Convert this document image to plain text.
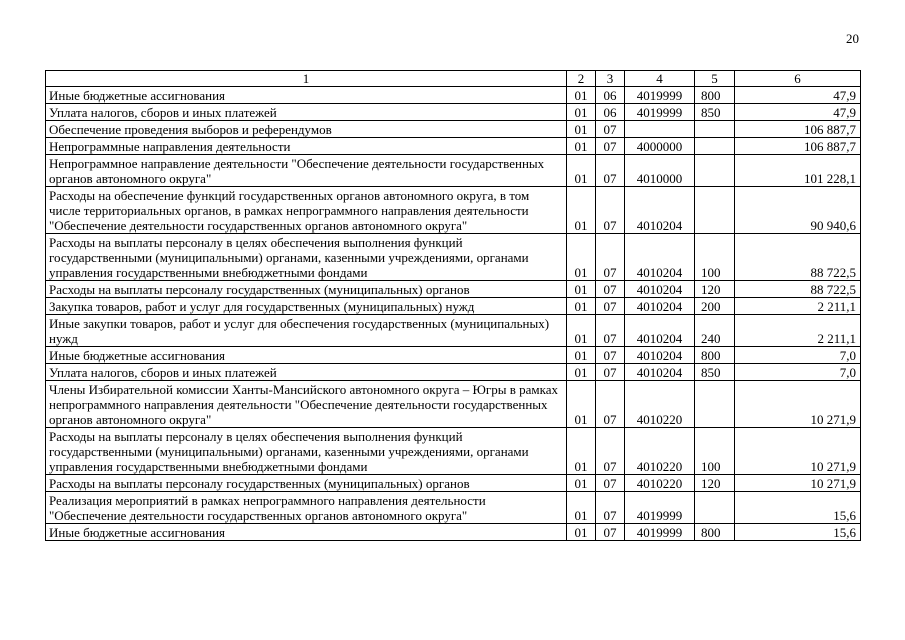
20
1	2	3	4	5	6
Иные бюджетные ассигнования	01	06	4019999	800	47,9
Уплата налогов, сборов и иных платежей	01	06	4019999	850	47,9
Обеспечение проведения выборов и референдумов	01	07			106 887,7
Непрограммные направления деятельности	01	07	4000000		106 887,7
Непрограммное направление деятельности "Обеспечение деятельности государственных органов автономного округа"	01	07	4010000		101 228,1
Расходы на обеспечение функций государственных органов автономного округа, в том числе территориальных органов, в рамках непрограммного направления деятельности "Обеспечение деятельности государственных органов автономного округа"	01	07	4010204		90 940,6
Расходы на выплаты персоналу в целях обеспечения выполнения функций государственными (муниципальными) органами, казенными учреждениями, органами управления государственными внебюджетными фондами	01	07	4010204	100	88 722,5
Расходы на выплаты персоналу государственных (муниципальных) органов	01	07	4010204	120	88 722,5
Закупка товаров, работ и услуг для государственных (муниципальных) нужд	01	07	4010204	200	2 211,1
Иные закупки товаров, работ и услуг для обеспечения государственных (муниципальных) нужд	01	07	4010204	240	2 211,1
Иные бюджетные ассигнования	01	07	4010204	800	7,0
Уплата налогов, сборов и иных платежей	01	07	4010204	850	7,0
Члены Избирательной комиссии Ханты-Мансийского автономного округа – Югры в рамках непрограммного направления деятельности "Обеспечение деятельности государственных органов автономного округа"	01	07	4010220		10 271,9
Расходы на выплаты персоналу в целях обеспечения выполнения функций государственными (муниципальными) органами, казенными учреждениями, органами управления государственными внебюджетными фондами	01	07	4010220	100	10 271,9
Расходы на выплаты персоналу государственных (муниципальных) органов	01	07	4010220	120	10 271,9
Реализация мероприятий в рамках непрограммного направления деятельности "Обеспечение деятельности государственных органов автономного округа"	01	07	4019999		15,6
Иные бюджетные ассигнования	01	07	4019999	800	15,6
